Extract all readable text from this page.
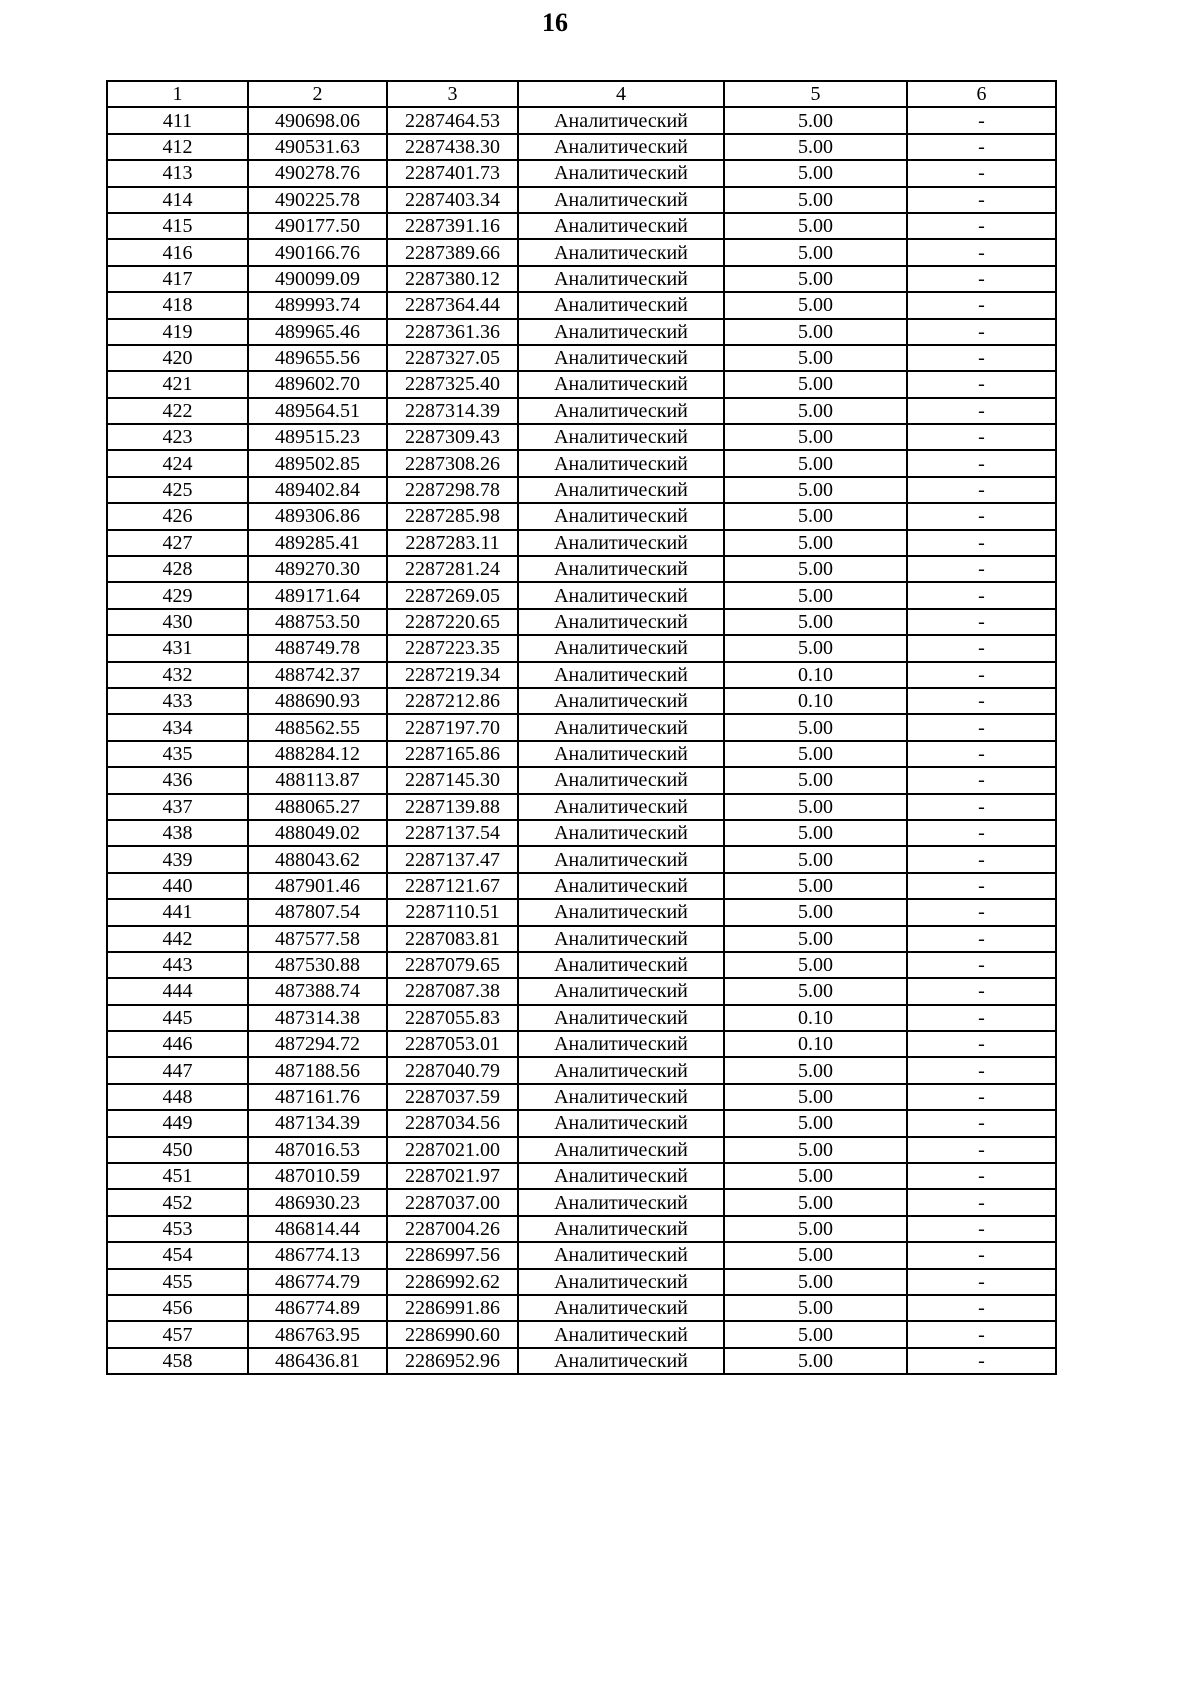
16
1	2	3	4	5	6
411	490698.06	2287464.53	Аналитический	5.00	-
412	490531.63	2287438.30	Аналитический	5.00	-
413	490278.76	2287401.73	Аналитический	5.00	-
414	490225.78	2287403.34	Аналитический	5.00	-
415	490177.50	2287391.16	Аналитический	5.00	-
416	490166.76	2287389.66	Аналитический	5.00	-
417	490099.09	2287380.12	Аналитический	5.00	-
418	489993.74	2287364.44	Аналитический	5.00	-
419	489965.46	2287361.36	Аналитический	5.00	-
420	489655.56	2287327.05	Аналитический	5.00	-
421	489602.70	2287325.40	Аналитический	5.00	-
422	489564.51	2287314.39	Аналитический	5.00	-
423	489515.23	2287309.43	Аналитический	5.00	-
424	489502.85	2287308.26	Аналитический	5.00	-
425	489402.84	2287298.78	Аналитический	5.00	-
426	489306.86	2287285.98	Аналитический	5.00	-
427	489285.41	2287283.11	Аналитический	5.00	-
428	489270.30	2287281.24	Аналитический	5.00	-
429	489171.64	2287269.05	Аналитический	5.00	-
430	488753.50	2287220.65	Аналитический	5.00	-
431	488749.78	2287223.35	Аналитический	5.00	-
432	488742.37	2287219.34	Аналитический	0.10	-
433	488690.93	2287212.86	Аналитический	0.10	-
434	488562.55	2287197.70	Аналитический	5.00	-
435	488284.12	2287165.86	Аналитический	5.00	-
436	488113.87	2287145.30	Аналитический	5.00	-
437	488065.27	2287139.88	Аналитический	5.00	-
438	488049.02	2287137.54	Аналитический	5.00	-
439	488043.62	2287137.47	Аналитический	5.00	-
440	487901.46	2287121.67	Аналитический	5.00	-
441	487807.54	2287110.51	Аналитический	5.00	-
442	487577.58	2287083.81	Аналитический	5.00	-
443	487530.88	2287079.65	Аналитический	5.00	-
444	487388.74	2287087.38	Аналитический	5.00	-
445	487314.38	2287055.83	Аналитический	0.10	-
446	487294.72	2287053.01	Аналитический	0.10	-
447	487188.56	2287040.79	Аналитический	5.00	-
448	487161.76	2287037.59	Аналитический	5.00	-
449	487134.39	2287034.56	Аналитический	5.00	-
450	487016.53	2287021.00	Аналитический	5.00	-
451	487010.59	2287021.97	Аналитический	5.00	-
452	486930.23	2287037.00	Аналитический	5.00	-
453	486814.44	2287004.26	Аналитический	5.00	-
454	486774.13	2286997.56	Аналитический	5.00	-
455	486774.79	2286992.62	Аналитический	5.00	-
456	486774.89	2286991.86	Аналитический	5.00	-
457	486763.95	2286990.60	Аналитический	5.00	-
458	486436.81	2286952.96	Аналитический	5.00	-
